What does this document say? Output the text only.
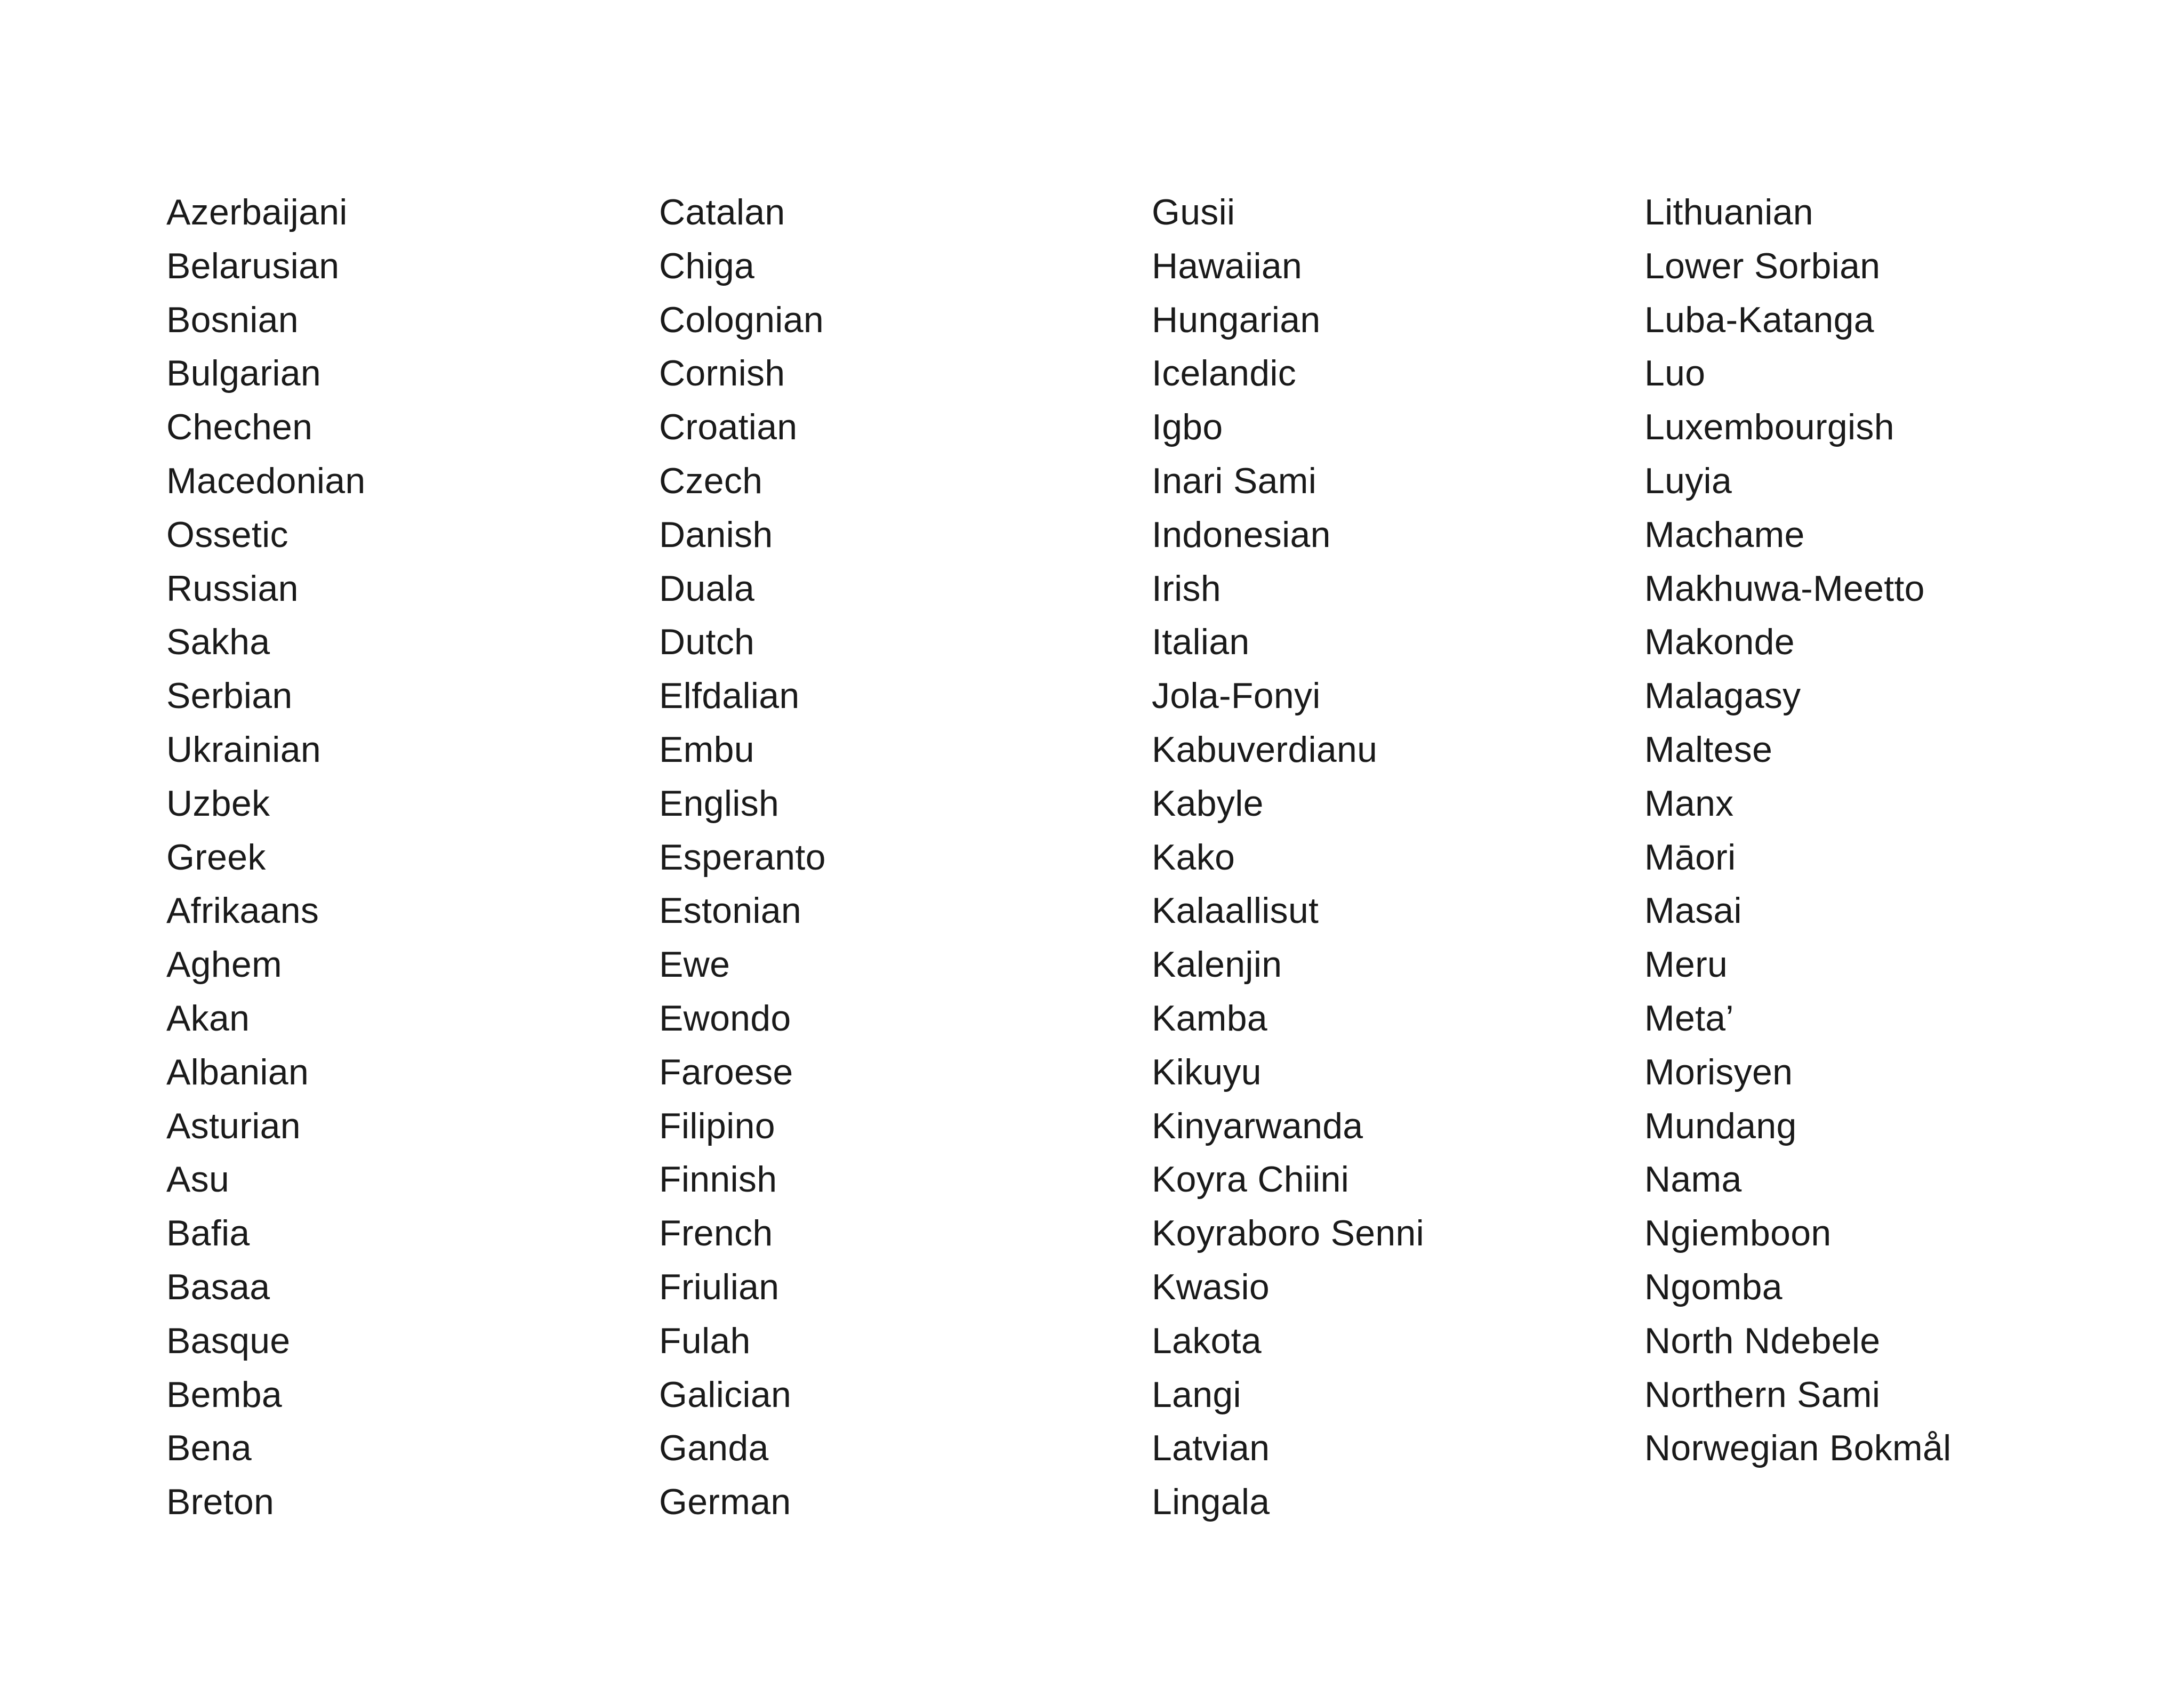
Azerbaijani
Belarusian
Bosnian
Bulgarian
Chechen
Macedonian
Ossetic
Russian
Sakha
Serbian
Ukrainian
Uzbek
Greek
Afrikaans
Aghem
Akan
Albanian
Asturian
Asu
Bafia
Basaa
Basque
Bemba
Bena
Breton
Catalan
Chiga
Colognian
Cornish
Croatian
Czech
Danish
Duala
Dutch
Elfdalian
Embu
English
Esperanto
Estonian
Ewe
Ewondo
Faroese
Filipino
Finnish
French
Friulian
Fulah
Galician
Ganda
German
Gusii
Hawaiian
Hungarian
Icelandic
Igbo
Inari Sami
Indonesian
Irish
Italian
Jola-Fonyi
Kabuverdianu
Kabyle
Kako
Kalaallisut
Kalenjin
Kamba
Kikuyu
Kinyarwanda
Koyra Chiini
Koyraboro Senni
Kwasio
Lakota
Langi
Latvian
Lingala
Lithuanian
Lower Sorbian
Luba-Katanga
Luo
Luxembourgish
Luyia
Machame
Makhuwa-Meetto
Makonde
Malagasy
Maltese
Manx
Māori
Masai
Meru
Meta’
Morisyen
Mundang
Nama
Ngiemboon
Ngomba
North Ndebele
Northern Sami
Norwegian Bokmål
